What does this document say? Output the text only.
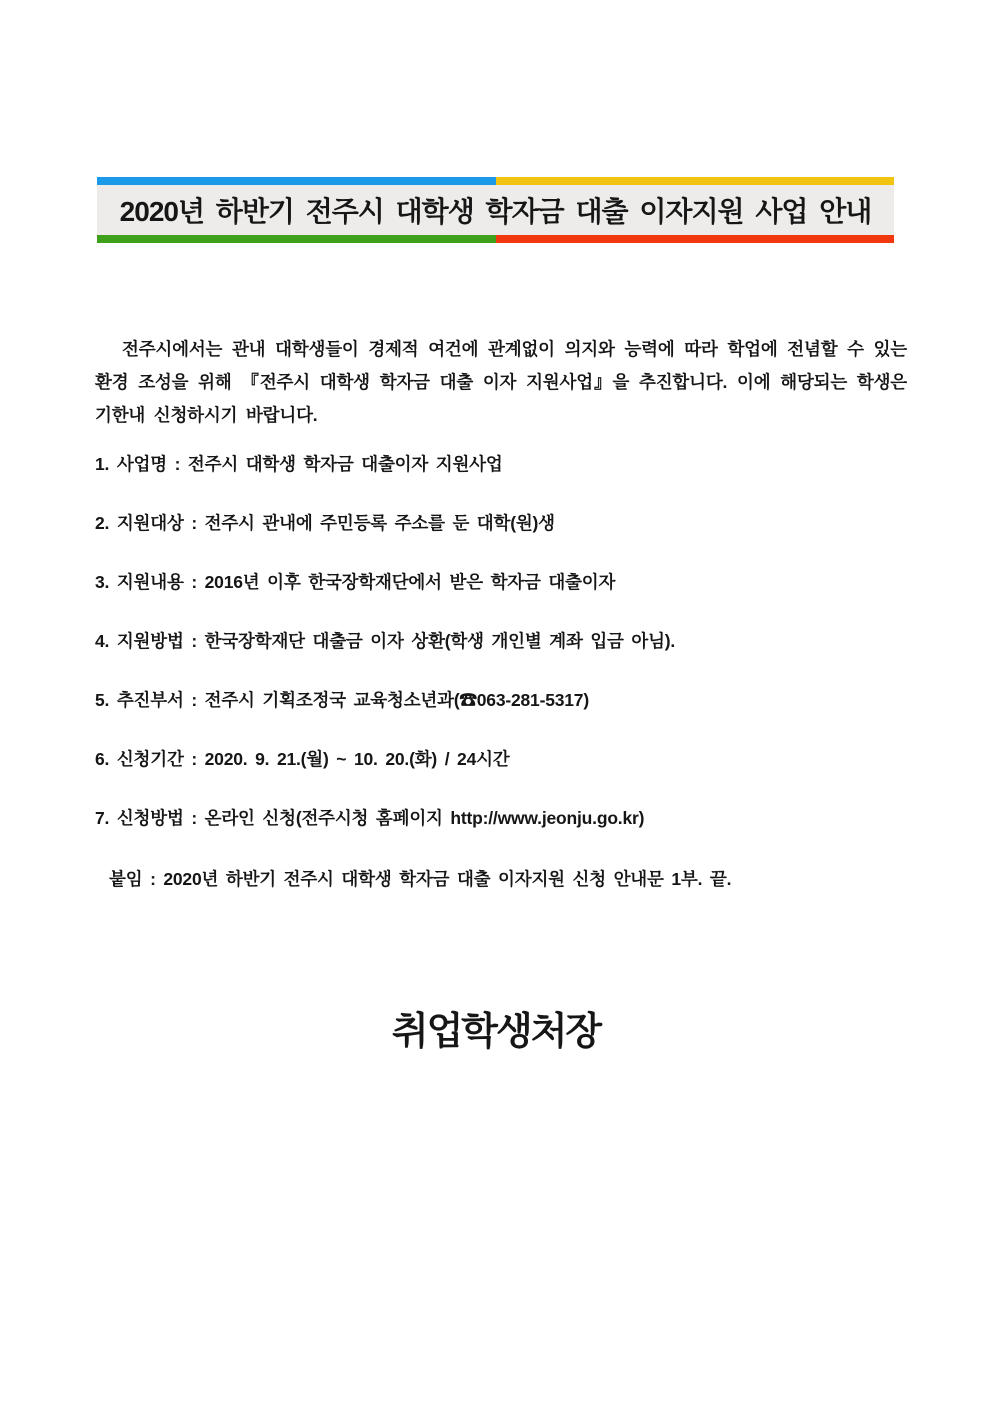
2020년 하반기 전주시 대학생 학자금 대출 이자지원 사업 안내

전주시에서는 관내 대학생들이 경제적 여건에 관계없이 의지와 능력에 따라 학업에 전념할 수 있는 환경 조성을 위해 『전주시 대학생 학자금 대출 이자 지원사업』을 추진합니다. 이에 해당되는 학생은 기한내 신청하시기 바랍니다.

1. 사업명 : 전주시 대학생 학자금 대출이자 지원사업
2. 지원대상 : 전주시 관내에 주민등록 주소를 둔 대학(원)생
3. 지원내용 : 2016년 이후 한국장학재단에서 받은 학자금 대출이자
4. 지원방법 : 한국장학재단 대출금 이자 상환(학생 개인별 계좌 입금 아님).
5. 추진부서 : 전주시 기획조정국 교육청소년과(☎063-281-5317)
6. 신청기간 : 2020. 9. 21.(월) ~ 10. 20.(화) / 24시간
7. 신청방법 : 온라인 신청(전주시청 홈페이지 http://www.jeonju.go.kr)

붙임 : 2020년 하반기 전주시 대학생 학자금 대출 이자지원 신청 안내문 1부. 끝.

취업학생처장
